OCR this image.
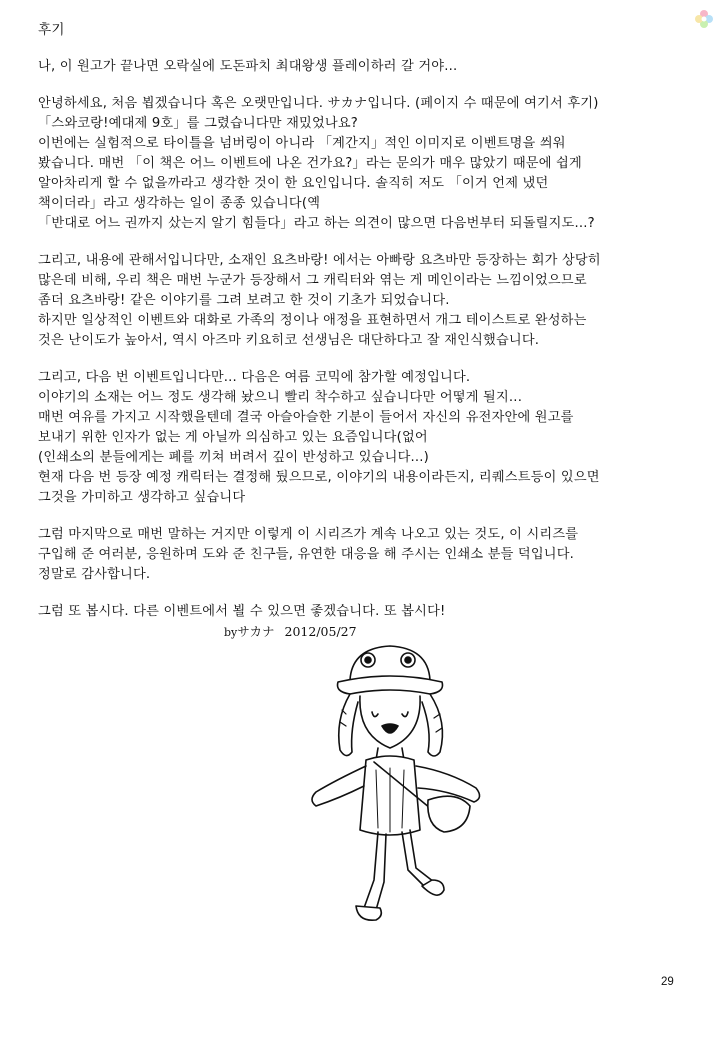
후기
나, 이 원고가 끝나면 오락실에 도돈파치 최대왕생 플레이하러 갈 거야...
안녕하세요, 처음 뵙겠습니다 혹은 오랫만입니다. サカナ입니다. (페이지 수 때문에 여기서 후기)
「스와코랑!예대제 9호」를 그렸습니다만 재밌었나요?
이번에는 실험적으로 타이틀을 넘버링이 아니라 「계간지」적인 이미지로 이벤트명을 씌워
봤습니다. 매번 「이 책은 어느 이벤트에 나온 건가요?」라는 문의가 매우 많았기 때문에 쉽게
알아차리게 할 수 없을까라고 생각한 것이 한 요인입니다. 솔직히 저도 「이거 언제 냈던
책이더라」라고 생각하는 일이 종종 있습니다(옉
「반대로 어느 권까지 샀는지 알기 힘들다」라고 하는 의견이 많으면 다음번부터 되돌릴지도...?
그리고, 내용에 관해서입니다만, 소재인 요츠바랑! 에서는 아빠랑 요츠바만 등장하는 회가 상당히
많은데 비해, 우리 책은 매번 누군가 등장해서 그 캐릭터와 엮는 게 메인이라는 느낌이었으므로
좀더 요츠바랑! 같은 이야기를 그려 보려고 한 것이 기초가 되었습니다.
하지만 일상적인 이벤트와 대화로 가족의 정이나 애정을 표현하면서 개그 테이스트로 완성하는
것은 난이도가 높아서, 역시 아즈마 키요히코 선생님은 대단하다고 잘 재인식했습니다.
그리고, 다음 번 이벤트입니다만... 다음은 여름 코믹에 참가할 예정입니다.
이야기의 소재는 어느 정도 생각해 놨으니 빨리 착수하고 싶습니다만 어떻게 될지...
매번 여유를 가지고 시작했을텐데 결국 아슬아슬한 기분이 들어서 자신의 유전자안에 원고를
보내기 위한 인자가 없는 게 아닐까 의심하고 있는 요즘입니다(없어
(인쇄소의 분들에게는 폐를 끼쳐 버려서 깊이 반성하고 있습니다...)
현재 다음 번 등장 예정 캐릭터는 결정해 뒀으므로, 이야기의 내용이라든지, 리퀘스트등이 있으면
그것을 가미하고 생각하고 싶습니다
그럼 마지막으로 매번 말하는 거지만 이렇게 이 시리즈가 계속 나오고 있는 것도, 이 시리즈를
구입해 준 여러분, 응원하며 도와 준 친구들, 유연한 대응을 해 주시는 인쇄소 분들 덕입니다.
정말로 감사합니다.
그럼 또 봅시다. 다른 이벤트에서 뵐 수 있으면 좋겠습니다. 또 봅시다!
byサカナ 2012/05/27
29
